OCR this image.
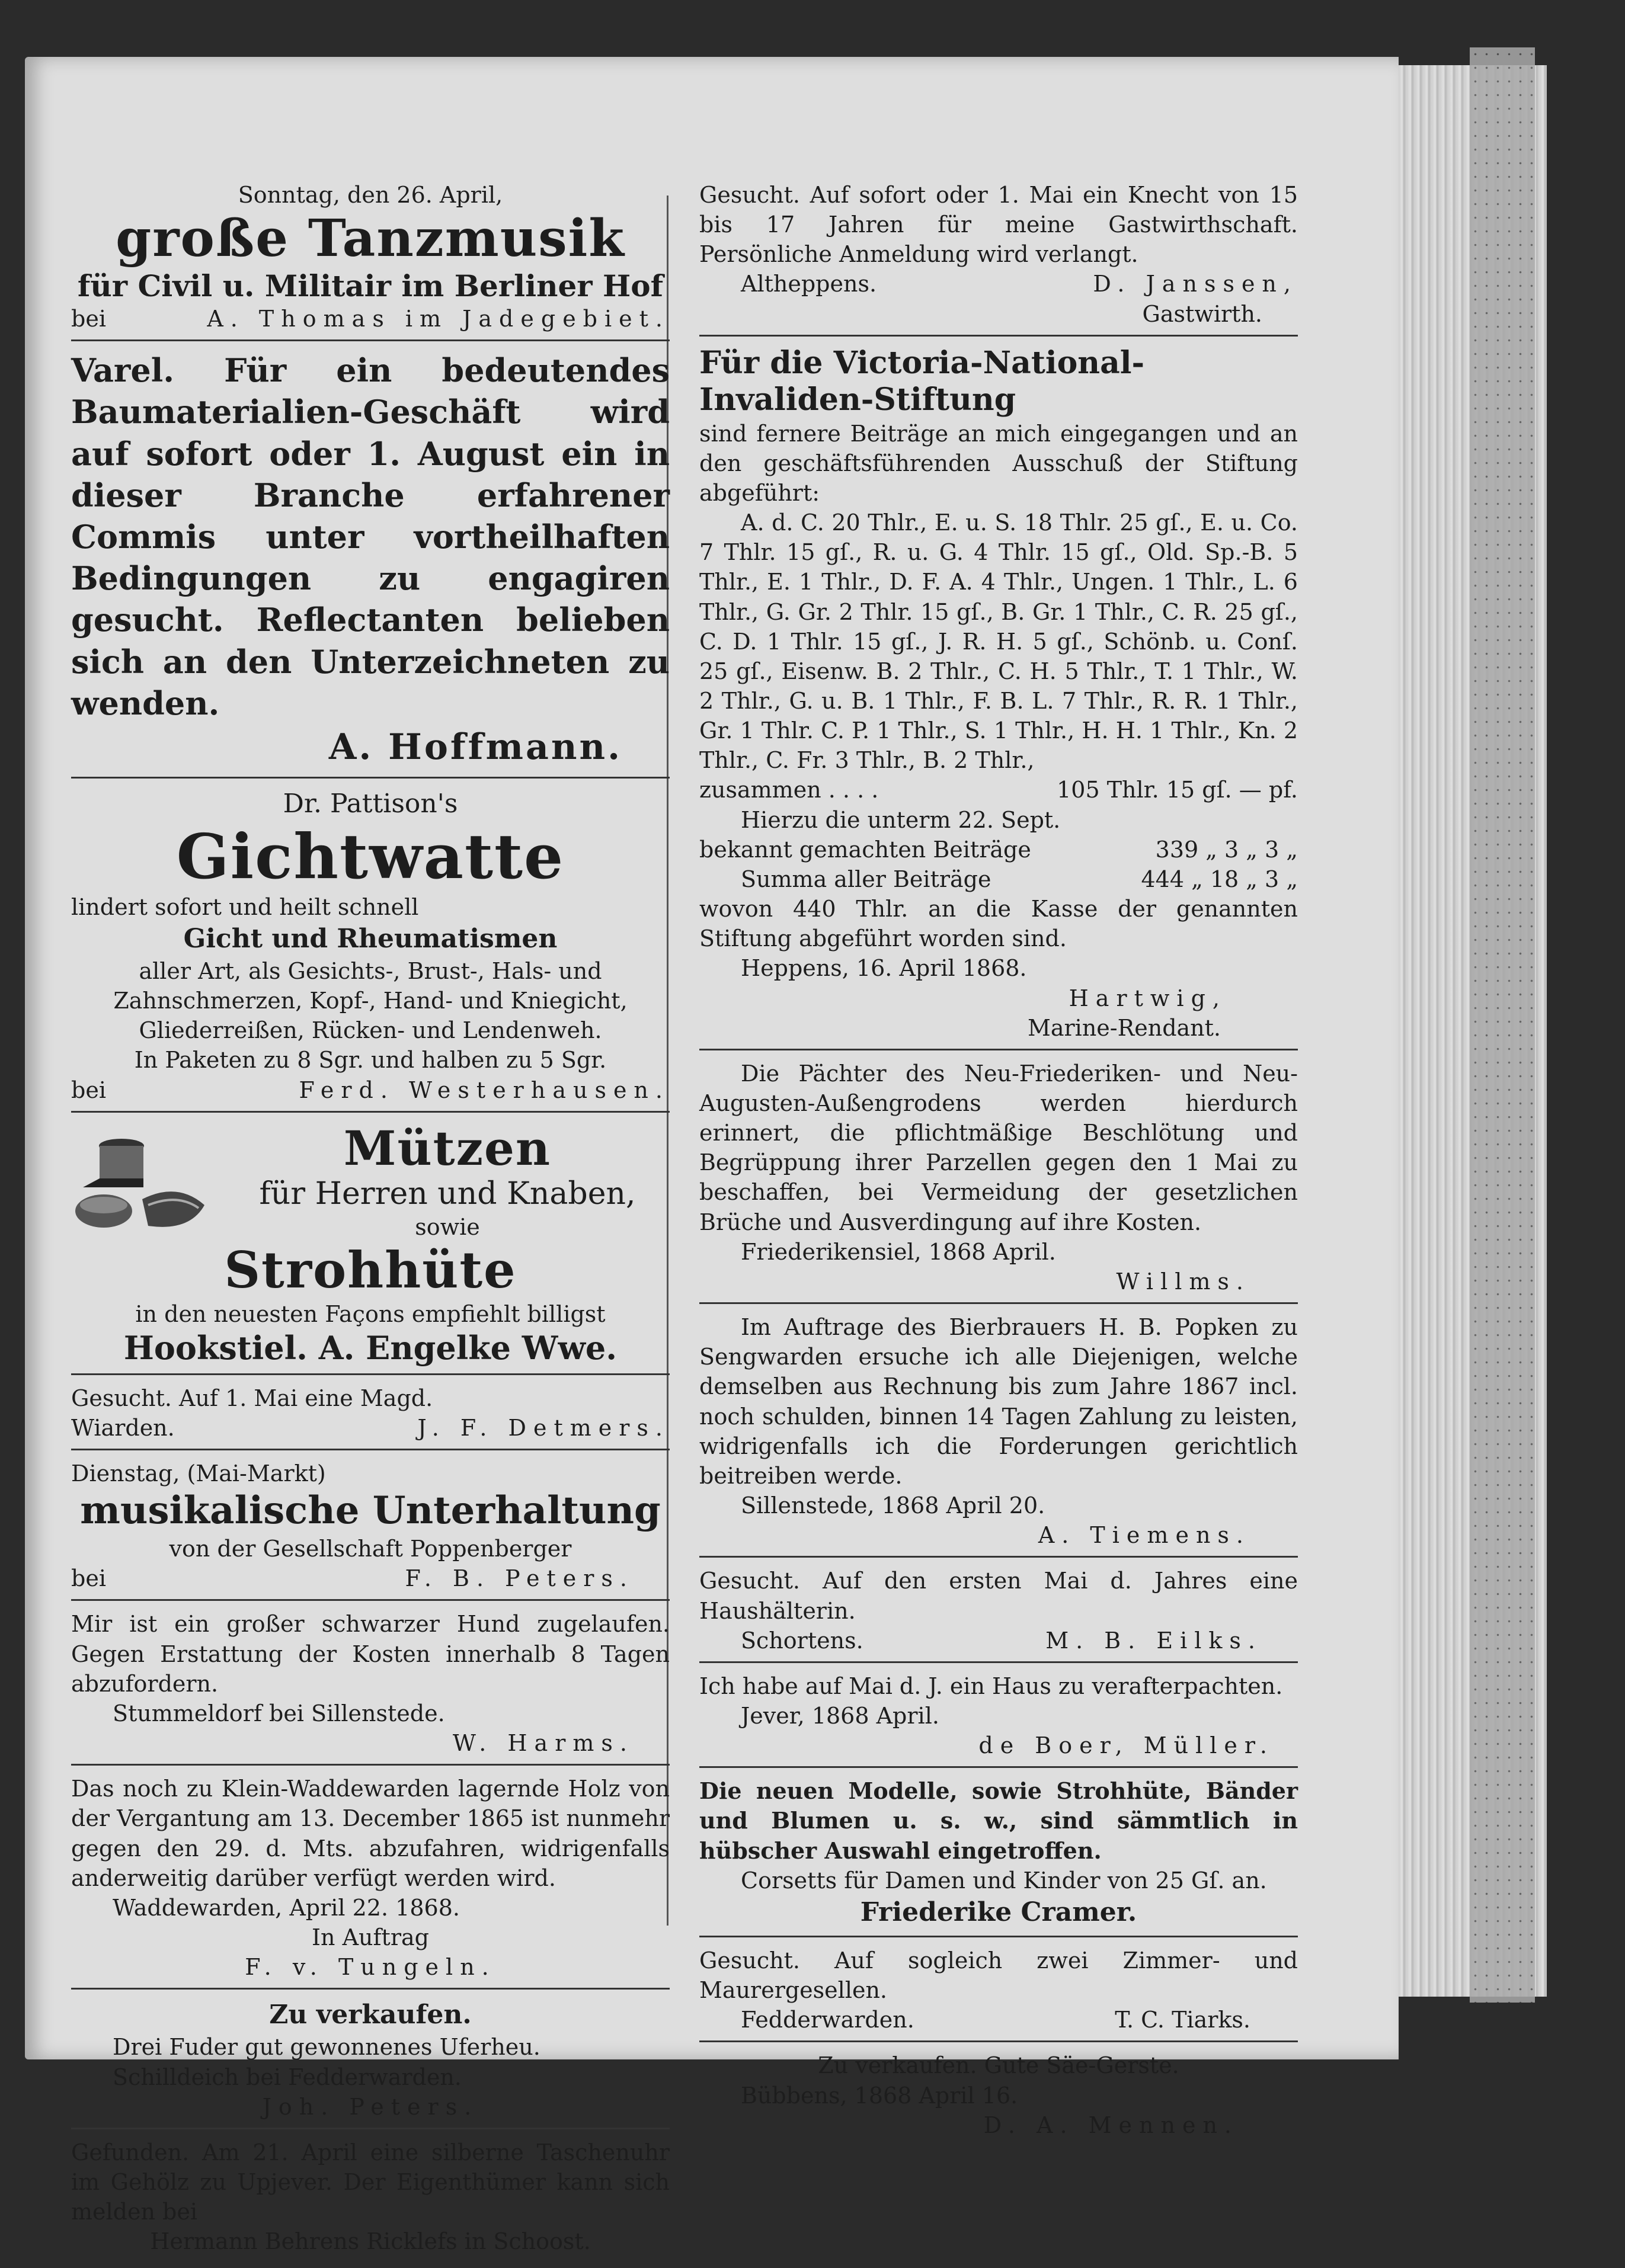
Sonntag, den 26. April,
große Tanzmusik
für Civil u. Militair im Berliner Hof
bei	A. Thomas im Jadegebiet.
Varel. Für ein bedeutendes Baumaterialien-Geschäft wird auf sofort oder 1. August ein in dieser Branche erfahrener Commis unter vortheilhaften Bedingungen zu engagiren gesucht. Reflectanten belieben sich an den Unterzeichneten zu wenden.
A. Hoffmann.
Dr. Pattison's
Gichtwatte
lindert sofort und heilt schnell
Gicht und Rheumatismen
aller Art, als Gesichts-, Brust-, Hals- und Zahnschmerzen, Kopf-, Hand- und Kniegicht, Gliederreißen, Rücken- und Lendenweh.
In Paketen zu 8 Sgr. und halben zu 5 Sgr.
bei	Ferd. Westerhausen.
Mützen
für Herren und Knaben,
sowie
Strohhüte
in den neuesten Façons empfiehlt billigst
Hookstiel. A. Engelke Wwe.
Gesucht. Auf 1. Mai eine Magd.
Wiarden.	J. F. Detmers.
Dienstag, (Mai-Markt)
musikalische Unterhaltung
von der Gesellschaft Poppenberger
bei	F. B. Peters.
Mir ist ein großer schwarzer Hund zugelaufen. Gegen Erstattung der Kosten innerhalb 8 Tagen abzufordern.
Stummeldorf bei Sillenstede.
W. Harms.
Das noch zu Klein-Waddewarden lagernde Holz von der Vergantung am 13. December 1865 ist nunmehr gegen den 29. d. Mts. abzufahren, widrigenfalls anderweitig darüber verfügt werden wird.
Waddewarden, April 22. 1868.
In Auftrag
F. v. Tungeln.
Zu verkaufen.
Drei Fuder gut gewonnenes Uferheu.
Schilldeich bei Fedderwarden.
Joh. Peters.
Gefunden. Am 21. April eine silberne Taschenuhr im Gehölz zu Upjever. Der Eigenthümer kann sich melden bei
Hermann Behrens Ricklefs in Schoost.
Gesucht. Auf sofort oder 1. Mai ein Knecht von 15 bis 17 Jahren für meine Gastwirthschaft. Persönliche Anmeldung wird verlangt.
Altheppens.	D. Janssen,
Gastwirth.
Für die Victoria-National-Invaliden-Stiftung
sind fernere Beiträge an mich eingegangen und an den geschäftsführenden Ausschuß der Stiftung abgeführt:
A. d. C. 20 Thlr., E. u. S. 18 Thlr. 25 gſ., E. u. Co. 7 Thlr. 15 gſ., R. u. G. 4 Thlr. 15 gſ., Old. Sp.-B. 5 Thlr., E. 1 Thlr., D. F. A. 4 Thlr., Ungen. 1 Thlr., L. 6 Thlr., G. Gr. 2 Thlr. 15 gſ., B. Gr. 1 Thlr., C. R. 25 gſ., C. D. 1 Thlr. 15 gſ., J. R. H. 5 gſ., Schönb. u. Conſ. 25 gſ., Eisenw. B. 2 Thlr., C. H. 5 Thlr., T. 1 Thlr., W. 2 Thlr., G. u. B. 1 Thlr., F. B. L. 7 Thlr., R. R. 1 Thlr., Gr. 1 Thlr. C. P. 1 Thlr., S. 1 Thlr., H. H. 1 Thlr., Kn. 2 Thlr., C. Fr. 3 Thlr., B. 2 Thlr.,
zusammen . . . .	105 Thlr. 15 gſ. — pf.
Hierzu die unterm 22. Sept.
bekannt gemachten Beiträge	339 „ 3 „ 3 „
Summa aller Beiträge	444 „ 18 „ 3 „
wovon 440 Thlr. an die Kasse der genannten Stiftung abgeführt worden sind.
Heppens, 16. April 1868.
Hartwig,
Marine-Rendant.
Die Pächter des Neu-Friederiken- und Neu-Augusten-Außengrodens werden hierdurch erinnert, die pflichtmäßige Beschlötung und Begrüppung ihrer Parzellen gegen den 1 Mai zu beschaffen, bei Vermeidung der gesetzlichen Brüche und Ausverdingung auf ihre Kosten.
Friederikensiel, 1868 April.
Willms.
Im Auftrage des Bierbrauers H. B. Popken zu Sengwarden ersuche ich alle Diejenigen, welche demselben aus Rechnung bis zum Jahre 1867 incl. noch schulden, binnen 14 Tagen Zahlung zu leisten, widrigenfalls ich die Forderungen gerichtlich beitreiben werde.
Sillenstede, 1868 April 20.
A. Tiemens.
Gesucht. Auf den ersten Mai d. Jahres eine Haushälterin.
Schortens.	M. B. Eilks.
Ich habe auf Mai d. J. ein Haus zu verafterpachten.
Jever, 1868 April.
de Boer, Müller.
Die neuen Modelle, sowie Strohhüte, Bänder und Blumen u. s. w., sind sämmtlich in hübscher Auswahl eingetroffen.
Corsetts für Damen und Kinder von 25 Gſ. an.
Friederike Cramer.
Gesucht. Auf sogleich zwei Zimmer- und Maurergesellen.
Fedderwarden.	T. C. Tiarks.
Zu verkaufen. Gute Säe-Gerste.
Bübbens, 1868 April 16.
D. A. Mennen.
